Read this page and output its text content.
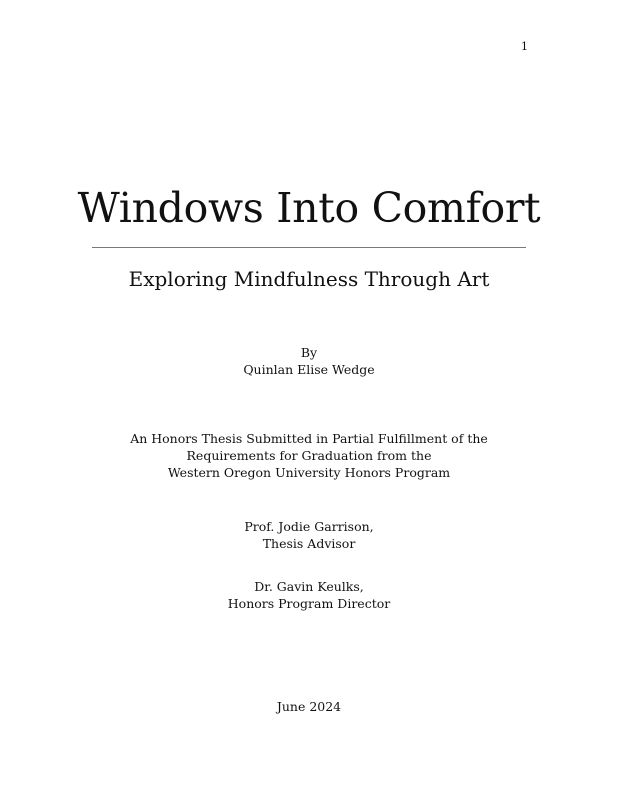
1
Windows Into Comfort
Exploring Mindfulness Through Art
By
Quinlan Elise Wedge
An Honors Thesis Submitted in Partial Fulfillment of the
Requirements for Graduation from the
Western Oregon University Honors Program
Prof. Jodie Garrison,
Thesis Advisor
Dr. Gavin Keulks,
Honors Program Director
June 2024
